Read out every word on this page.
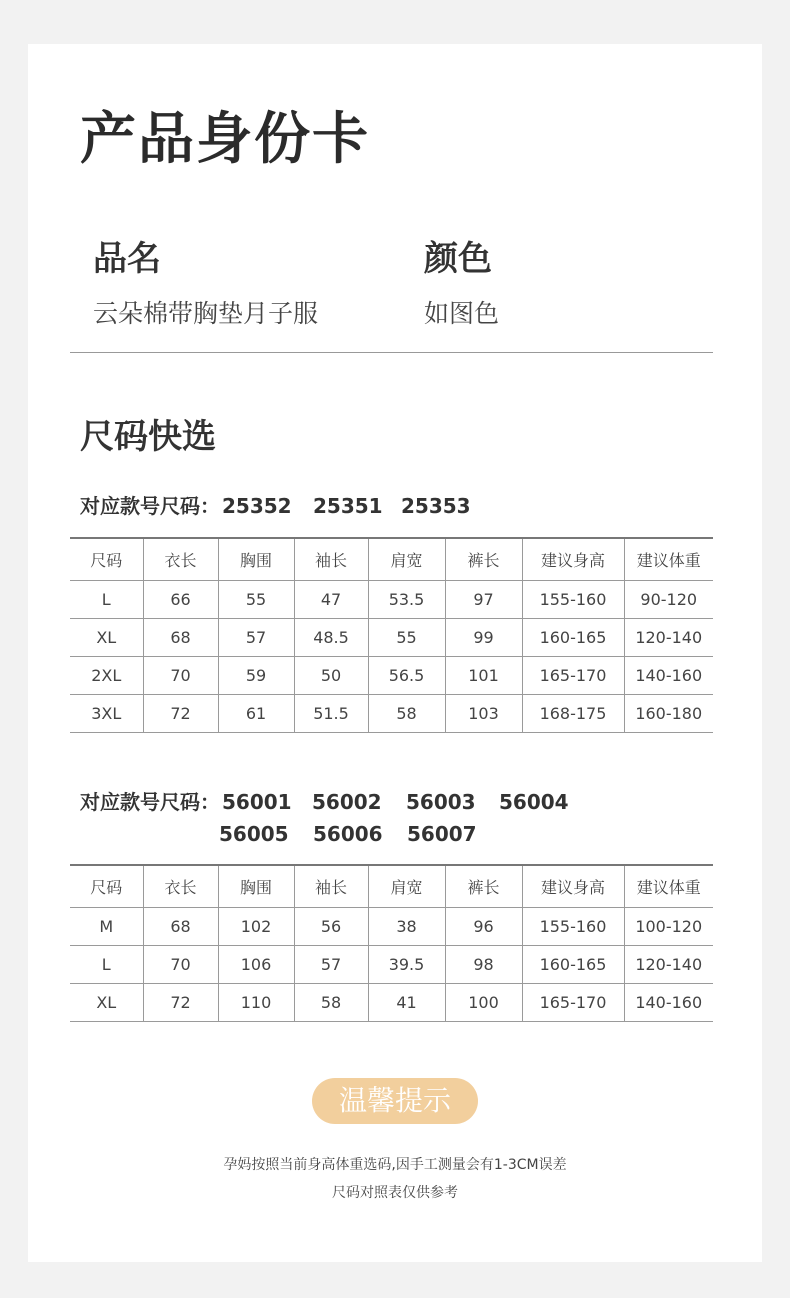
产品身份卡
品名
云朵棉带胸垫月子服
颜色
如图色
尺码快选
对应款号尺码： 25352 25351 25353
尺码	衣长	胸围	袖长	肩宽	裤长	建议身高	建议体重
L	66	55	47	53.5	97	155-160	90-120
XL	68	57	48.5	55	99	160-165	120-140
2XL	70	59	50	56.5	101	165-170	140-160
3XL	72	61	51.5	58	103	168-175	160-180
对应款号尺码： 56001 56002 56003 56004
56005 56006 56007
尺码	衣长	胸围	袖长	肩宽	裤长	建议身高	建议体重
M	68	102	56	38	96	155-160	100-120
L	70	106	57	39.5	98	160-165	120-140
XL	72	110	58	41	100	165-170	140-160
温馨提示
孕妈按照当前身高体重选码,因手工测量会有1-3CM误差
尺码对照表仅供参考
